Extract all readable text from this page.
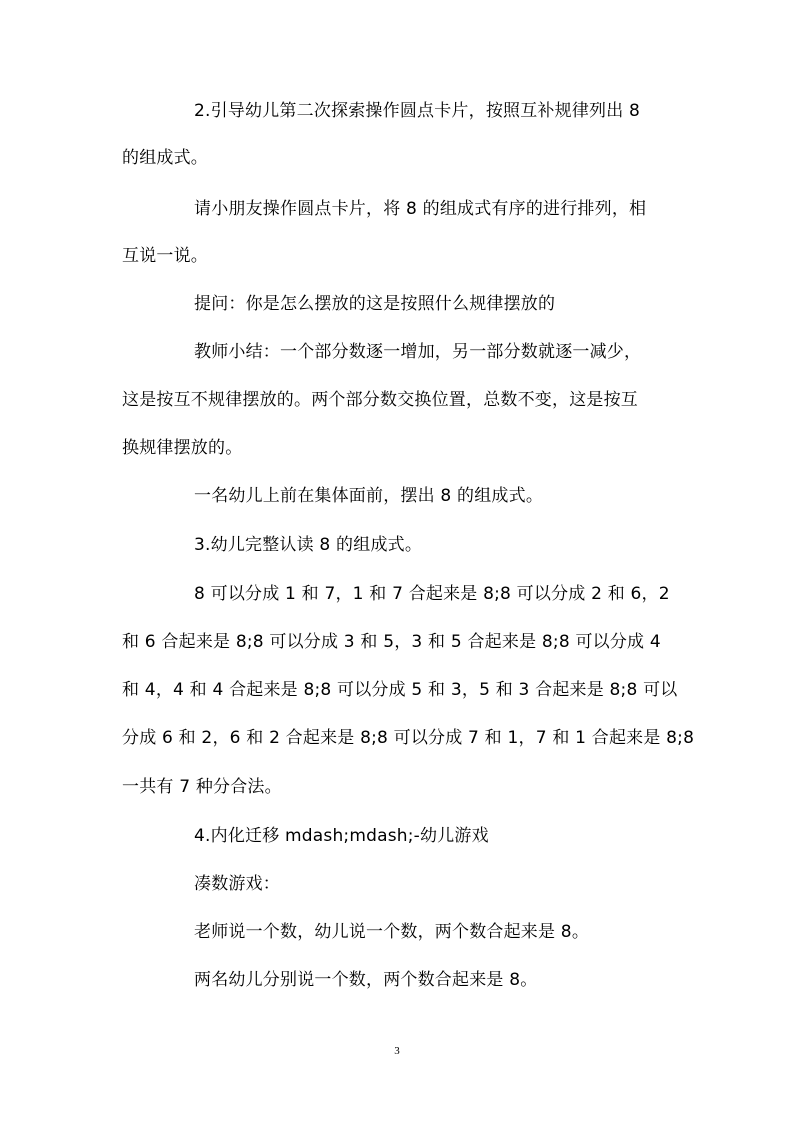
2.引导幼儿第二次探索操作圆点卡片，按照互补规律列出 8
的组成式。
请小朋友操作圆点卡片，将 8 的组成式有序的进行排列，相
互说一说。
提问：你是怎么摆放的这是按照什么规律摆放的
教师小结：一个部分数逐一增加，另一部分数就逐一减少，
这是按互不规律摆放的。两个部分数交换位置，总数不变，这是按互
换规律摆放的。
一名幼儿上前在集体面前，摆出 8 的组成式。
3.幼儿完整认读 8 的组成式。
8 可以分成 1 和 7，1 和 7 合起来是 8;8 可以分成 2 和 6，2
和 6 合起来是 8;8 可以分成 3 和 5，3 和 5 合起来是 8;8 可以分成 4
和 4，4 和 4 合起来是 8;8 可以分成 5 和 3，5 和 3 合起来是 8;8 可以
分成 6 和 2，6 和 2 合起来是 8;8 可以分成 7 和 1，7 和 1 合起来是 8;8
一共有 7 种分合法。
4.内化迁移 mdash;mdash;-幼儿游戏
凑数游戏：
老师说一个数，幼儿说一个数，两个数合起来是 8。
两名幼儿分别说一个数，两个数合起来是 8。
3
